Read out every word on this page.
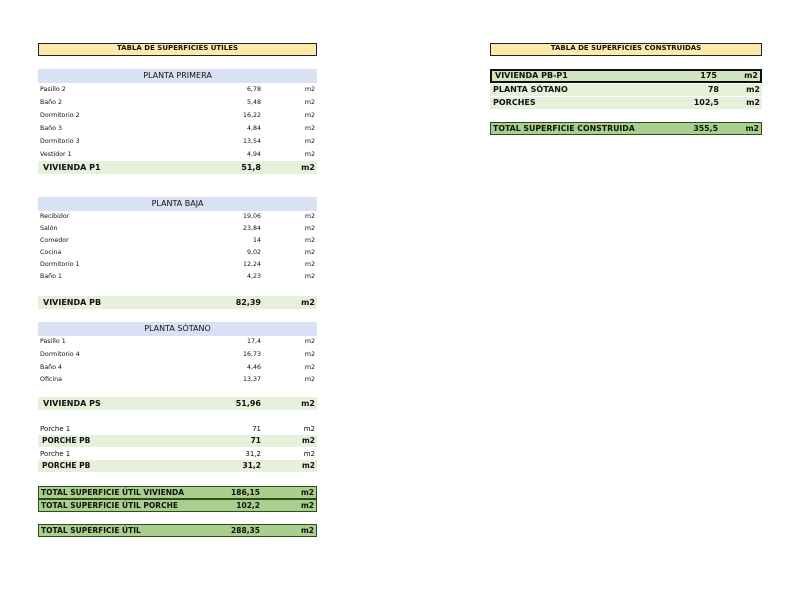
TABLA DE SUPERFICIES ÚTILES
PLANTA PRIMERA
Pasillo 2	6,78	m2
Baño 2	5,48	m2
Dormitorio 2	16,22	m2
Baño 3	4,84	m2
Dormitorio 3	13,54	m2
Vestidor 1	4,94	m2
VIVIENDA P1	51,8	m2
PLANTA BAJA
Recibidor	19,06	m2
Salón	23,84	m2
Comedor	14	m2
Cocina	9,02	m2
Dormitorio 1	12,24	m2
Baño 1	4,23	m2
VIVIENDA PB	82,39	m2
PLANTA SÓTANO
Pasillo 1	17,4	m2
Dormitorio 4	16,73	m2
Baño 4	4,46	m2
Oficina	13,37	m2
VIVIENDA PS	51,96	m2
Porche 1	71	m2
PORCHE PB	71	m2
Porche 1	31,2	m2
PORCHE PB	31,2	m2
TOTAL SUPERFICIE ÚTIL VIVIENDA	186,15	m2
TOTAL SUPERFICIE ÚTIL PORCHE	102,2	m2
TOTAL SUPERFICIE ÚTIL	288,35	m2
TABLA DE SUPERFICIES CONSTRUIDAS
VIVIENDA PB-P1	175	m2
PLANTA SÓTANO	78	m2
PORCHES	102,5	m2
TOTAL SUPERFICIE CONSTRUIDA	355,5	m2
